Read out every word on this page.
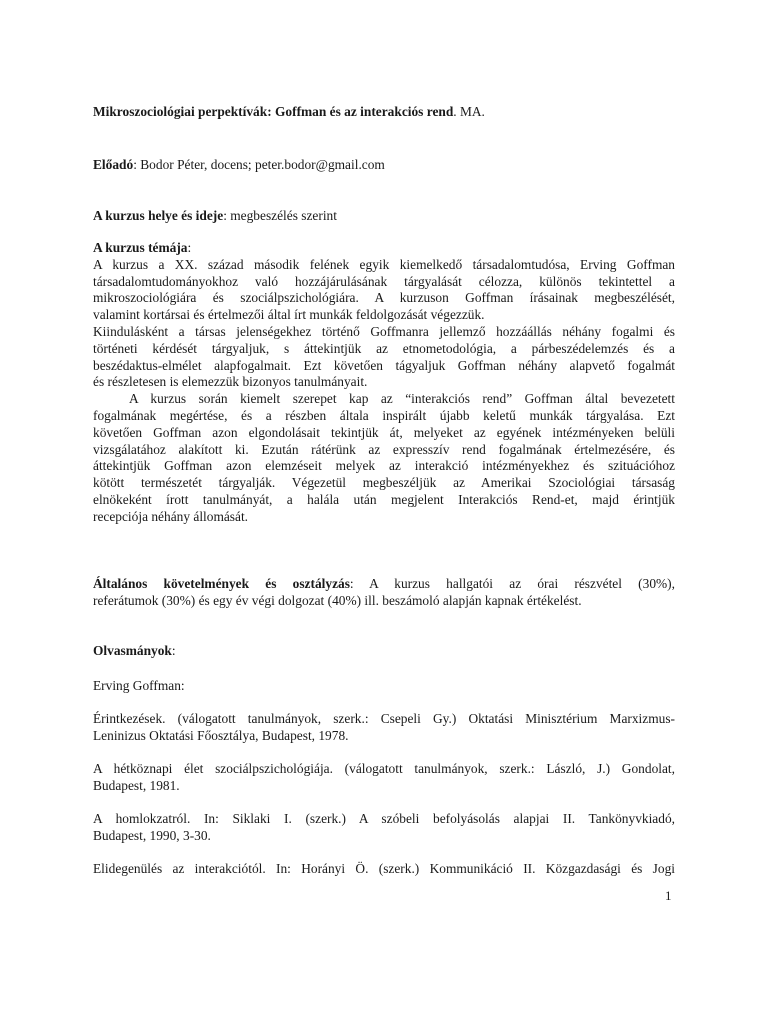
Mikroszociológiai perpektívák: Goffman és az interakciós rend. MA.
Előadó: Bodor Péter, docens; peter.bodor@gmail.com
A kurzus helye és ideje: megbeszélés szerint
A kurzus témája:
A kurzus a XX. század második felének egyik kiemelkedő társadalomtudósa, Erving Goffman
társadalomtudományokhoz való hozzájárulásának tárgyalását célozza, különös tekintettel a
mikroszociológiára és szociálpszichológiára. A kurzuson Goffman írásainak megbeszélését,
valamint kortársai és értelmezői által írt munkák feldolgozását végezzük.
Kiindulásként a társas jelenségekhez történő Goffmanra jellemző hozzáállás néhány fogalmi és
történeti kérdését tárgyaljuk, s áttekintjük az etnometodológia, a párbeszédelemzés és a
beszédaktus-elmélet alapfogalmait. Ezt követően tágyaljuk Goffman néhány alapvető fogalmát
és részletesen is elemezzük bizonyos tanulmányait.
A kurzus során kiemelt szerepet kap az “interakciós rend” Goffman által bevezetett
fogalmának megértése, és a részben általa inspirált újabb keletű munkák tárgyalása. Ezt
követően Goffman azon elgondolásait tekintjük át, melyeket az egyének intézményeken belüli
vizsgálatához alakított ki. Ezután rátérünk az expresszív rend fogalmának értelmezésére, és
áttekintjük Goffman azon elemzéseit melyek az interakció intézményekhez és szituációhoz
kötött természetét tárgyalják. Végezetül megbeszéljük az Amerikai Szociológiai társaság
elnökeként írott tanulmányát, a halála után megjelent Interakciós Rend-et, majd érintjük
recepciója néhány állomását.
Általános követelmények és osztályzás: A kurzus hallgatói az órai részvétel (30%),
referátumok (30%) és egy év végi dolgozat (40%) ill. beszámoló alapján kapnak értékelést.
Olvasmányok:
Erving Goffman:
Érintkezések. (válogatott tanulmányok, szerk.: Csepeli Gy.) Oktatási Minisztérium Marxizmus-
Leninizus Oktatási Főosztálya, Budapest, 1978.
A hétköznapi élet szociálpszichológiája. (válogatott tanulmányok, szerk.: László, J.) Gondolat,
Budapest, 1981.
A homlokzatról. In: Siklaki I. (szerk.) A szóbeli befolyásolás alapjai II. Tankönyvkiadó,
Budapest, 1990, 3-30.
Elidegenülés az interakciótól. In: Horányi Ö. (szerk.) Kommunikáció II. Közgazdasági és Jogi
1
